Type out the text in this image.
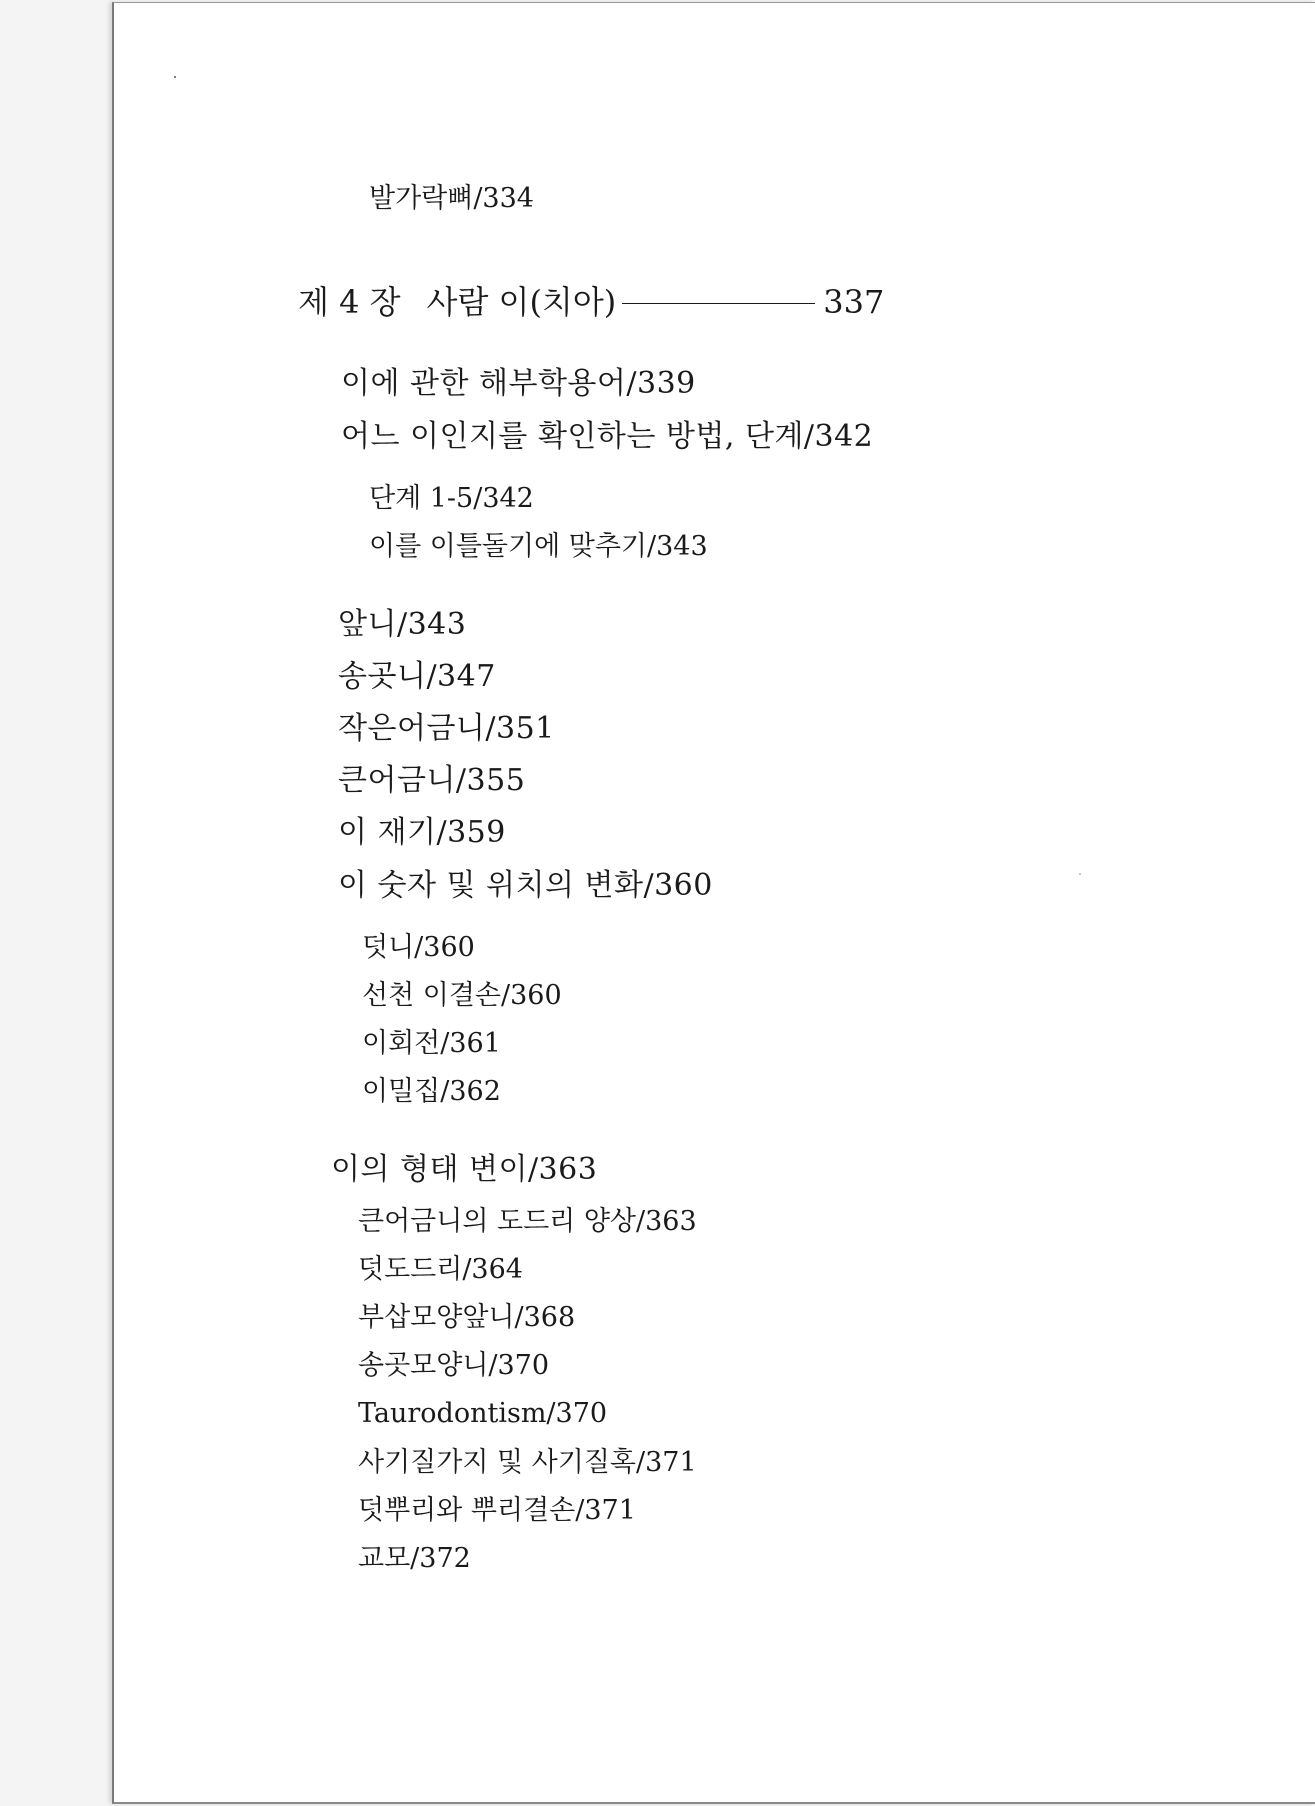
발가락뼈/334
제 4 장 사람 이(치아)	337
이에 관한 해부학용어/339
어느 이인지를 확인하는 방법, 단계/342
단계 1-5/342
이를 이틀돌기에 맞추기/343
앞니/343
송곳니/347
작은어금니/351
큰어금니/355
이 재기/359
이 숫자 및 위치의 변화/360
덧니/360
선천 이결손/360
이회전/361
이밀집/362
이의 형태 변이/363
큰어금니의 도드리 양상/363
덧도드리/364
부삽모양앞니/368
송곳모양니/370
Taurodontism/370
사기질가지 및 사기질혹/371
덧뿌리와 뿌리결손/371
교모/372
